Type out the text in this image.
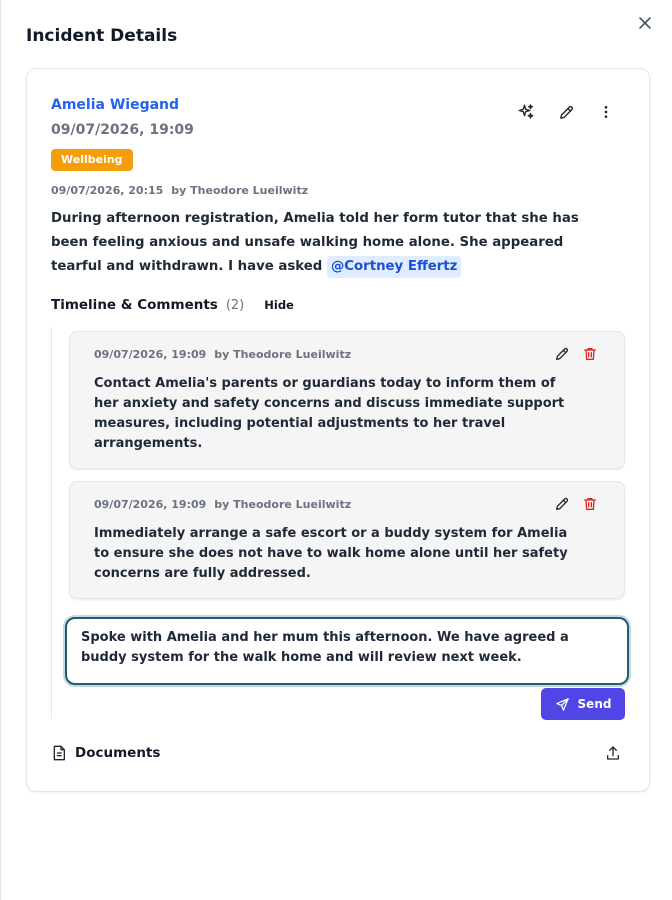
Incident Details
Amelia Wiegand
09/07/2026, 19:09
Wellbeing
09/07/2026, 20:15 by Theodore Lueilwitz
During afternoon registration, Amelia told her form tutor that she has been feeling anxious and unsafe walking home alone. She appeared tearful and withdrawn. I have asked @Cortney Effertz
Timeline & Comments (2) Hide
09/07/2026, 19:09 by Theodore Lueilwitz
Contact Amelia's parents or guardians today to inform them of her anxiety and safety concerns and discuss immediate support measures, including potential adjustments to her travel arrangements.
09/07/2026, 19:09 by Theodore Lueilwitz
Immediately arrange a safe escort or a buddy system for Amelia to ensure she does not have to walk home alone until her safety concerns are fully addressed.
Spoke with Amelia and her mum this afternoon. We have agreed a buddy system for the walk home and will review next week.
Send
Documents
